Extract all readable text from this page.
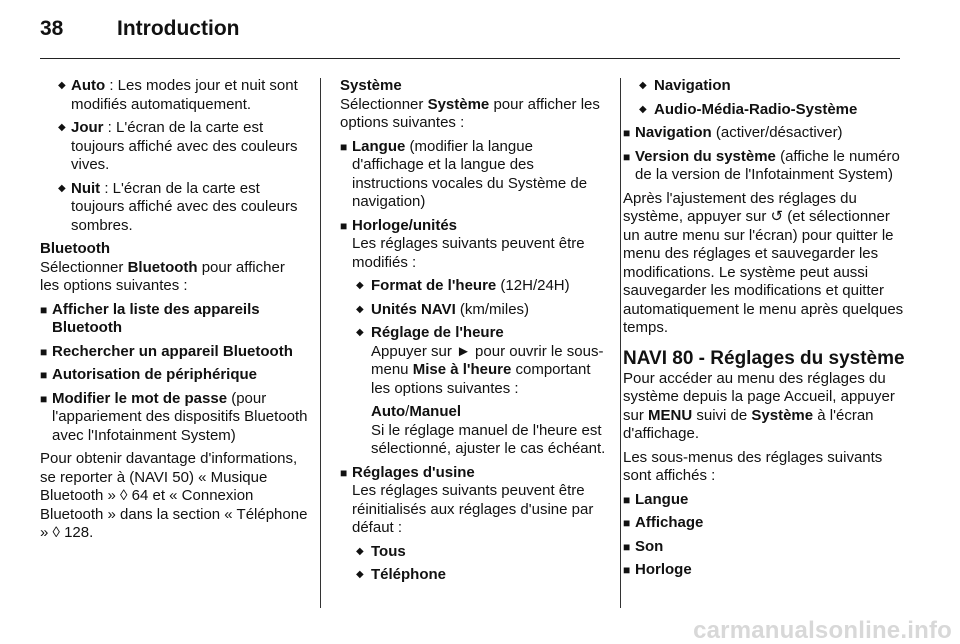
38	Introduction
◆ Auto : Les modes jour et nuit sont modifiés automatiquement.
◆ Jour : L'écran de la carte est toujours affiché avec des couleurs vives.
◆ Nuit : L'écran de la carte est toujours affiché avec des couleurs sombres.
Bluetooth
Sélectionner Bluetooth pour afficher les options suivantes :
■ Afficher la liste des appareils Bluetooth
■ Rechercher un appareil Bluetooth
■ Autorisation de périphérique
■ Modifier le mot de passe (pour l'appariement des dispositifs Bluetooth avec l'Infotainment System)
Pour obtenir davantage d'informations, se reporter à (NAVI 50) « Musique Bluetooth » ◊ 64 et « Connexion Bluetooth » dans la section « Téléphone » ◊ 128.
Système
Sélectionner Système pour afficher les options suivantes :
■ Langue (modifier la langue d'affichage et la langue des instructions vocales du Système de navigation)
■ Horloge/unités
Les réglages suivants peuvent être modifiés :
◆ Format de l'heure (12H/24H)
◆ Unités NAVI (km/miles)
◆ Réglage de l'heure
Appuyer sur ► pour ouvrir le sous-menu Mise à l'heure comportant les options suivantes :
Auto/Manuel
Si le réglage manuel de l'heure est sélectionné, ajuster le cas échéant.
■ Réglages d'usine
Les réglages suivants peuvent être réinitialisés aux réglages d'usine par défaut :
◆ Tous
◆ Téléphone
◆ Navigation
◆ Audio-Média-Radio-Système
■ Navigation (activer/désactiver)
■ Version du système (affiche le numéro de la version de l'Infotainment System)
Après l'ajustement des réglages du système, appuyer sur ↺ (et sélectionner un autre menu sur l'écran) pour quitter le menu des réglages et sauvegarder les modifications. Le système peut aussi sauvegarder les modifications et quitter automatiquement le menu après quelques temps.
NAVI 80 - Réglages du système
Pour accéder au menu des réglages du système depuis la page Accueil, appuyer sur MENU suivi de Système à l'écran d'affichage.
Les sous-menus des réglages suivants sont affichés :
■ Langue
■ Affichage
■ Son
■ Horloge
carmanualsonline.info
